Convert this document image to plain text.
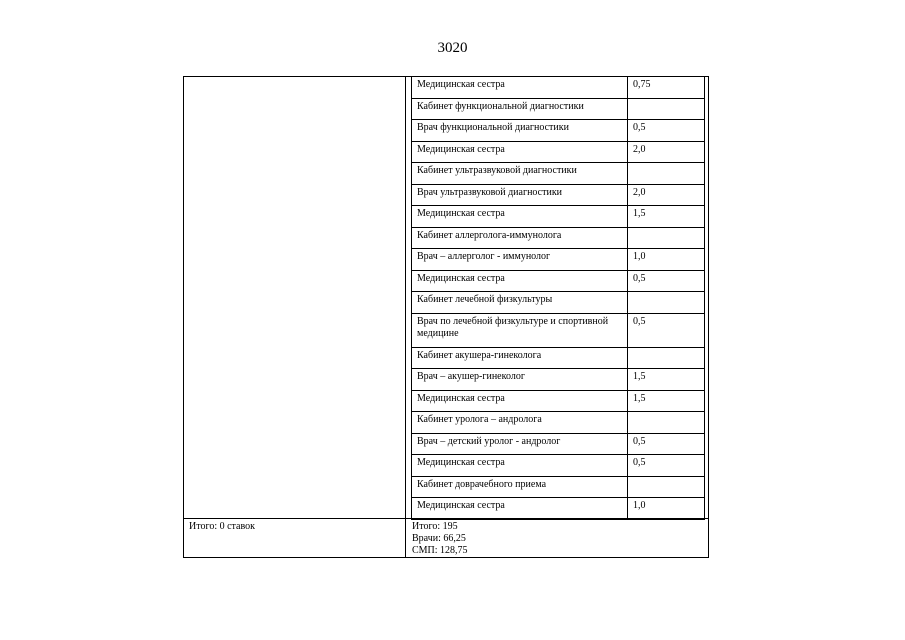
3020
Медицинская сестра	0,75
Кабинет функциональной диагностики	
Врач функциональной диагностики	0,5
Медицинская сестра	2,0
Кабинет ультразвуковой диагностики	
Врач ультразвуковой диагностики	2,0
Медицинская сестра	1,5
Кабинет аллерголога-иммунолога	
Врач – аллерголог - иммунолог	1,0
Медицинская сестра	0,5
Кабинет лечебной физкультуры	
Врач по лечебной физкультуре и спортивной медицине	0,5
Кабинет акушера-гинеколога	
Врач – акушер-гинеколог	1,5
Медицинская сестра	1,5
Кабинет уролога – андролога	
Врач – детский уролог - андролог	0,5
Медицинская сестра	0,5
Кабинет доврачебного приема	
Медицинская сестра	1,0
Итого: 0 ставок	Итого: 195
Врачи: 66,25
СМП: 128,75
